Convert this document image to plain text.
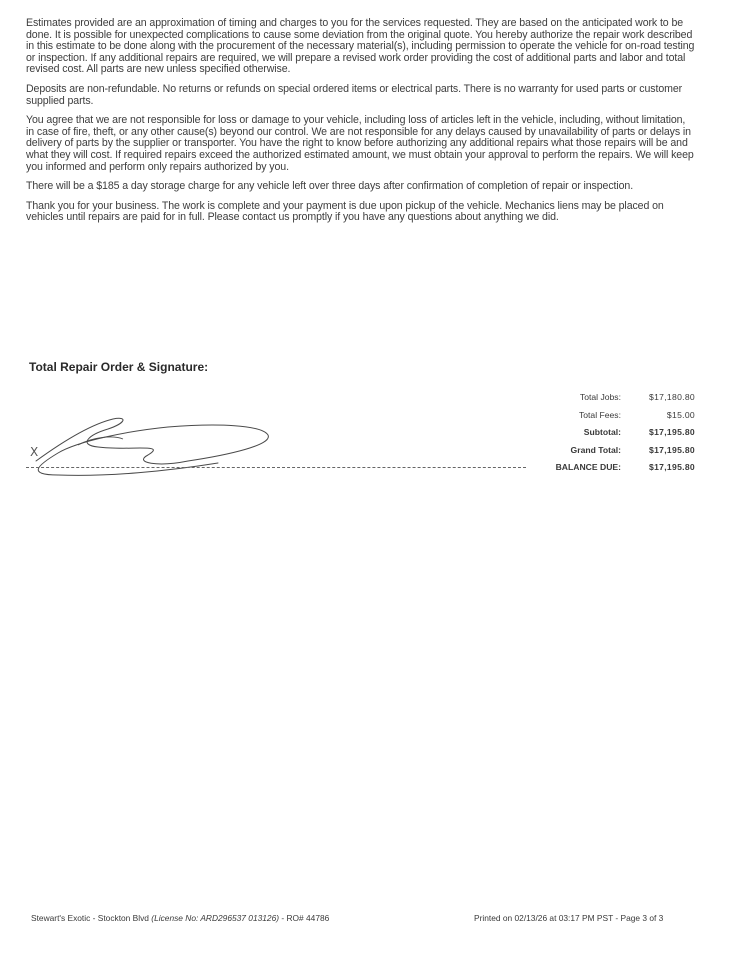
Estimates provided are an approximation of timing and charges to you for the services requested. They are based on the anticipated work to be done. It is possible for unexpected complications to cause some deviation from the original quote. You hereby authorize the repair work described in this estimate to be done along with the procurement of the necessary material(s), including permission to operate the vehicle for on-road testing or inspection. If any additional repairs are required, we will prepare a revised work order providing the cost of additional parts and labor and total revised cost. All parts are new unless specified otherwise.

Deposits are non-refundable. No returns or refunds on special ordered items or electrical parts. There is no warranty for used parts or customer supplied parts.

You agree that we are not responsible for loss or damage to your vehicle, including loss of articles left in the vehicle, including, without limitation, in case of fire, theft, or any other cause(s) beyond our control. We are not responsible for any delays caused by unavailability of parts or delays in delivery of parts by the supplier or transporter. You have the right to know before authorizing any additional repairs what those repairs will be and what they will cost. If required repairs exceed the authorized estimated amount, we must obtain your approval to perform the repairs. We will keep you informed and perform only repairs authorized by you.

There will be a $185 a day storage charge for any vehicle left over three days after confirmation of completion of repair or inspection.

Thank you for your business. The work is complete and your payment is due upon pickup of the vehicle. Mechanics liens may be placed on vehicles until repairs are paid for in full. Please contact us promptly if you have any questions about anything we did.

Total Repair Order & Signature:
X
Total Jobs:	$17,180.80
Total Fees:	$15.00
Subtotal:	$17,195.80
Grand Total:	$17,195.80
BALANCE DUE:	$17,195.80
Stewart's Exotic - Stockton Blvd (License No: ARD296537 013126) - RO# 44786	Printed on 02/13/26 at 03:17 PM PST - Page 3 of 3
